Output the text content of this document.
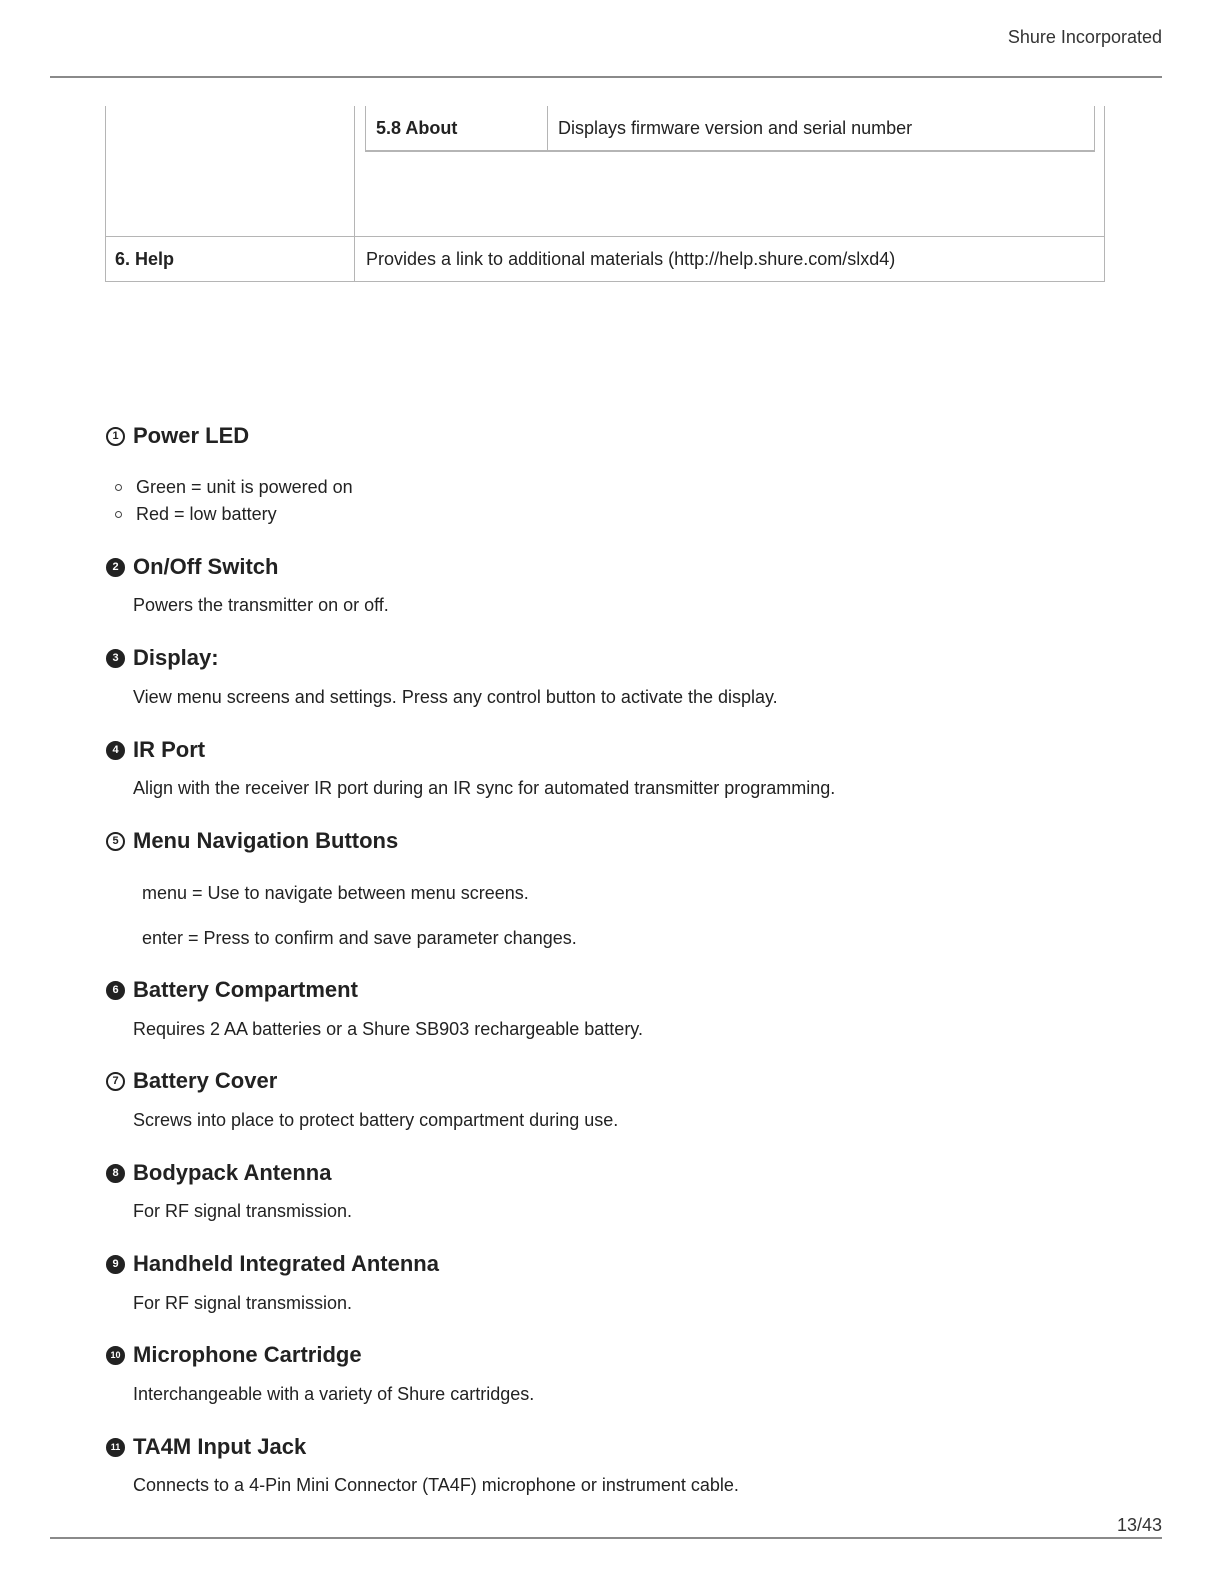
Shure Incorporated
5.8 About	Displays firmware version and serial number
6. Help	Provides a link to additional materials (http://help.shure.com/slxd4)
1 Power LED
Green = unit is powered on
Red = low battery
2 On/Off Switch
Powers the transmitter on or off.
3 Display:
View menu screens and settings. Press any control button to activate the display.
4 IR Port
Align with the receiver IR port during an IR sync for automated transmitter programming.
5 Menu Navigation Buttons
menu = Use to navigate between menu screens.
enter = Press to confirm and save parameter changes.
6 Battery Compartment
Requires 2 AA batteries or a Shure SB903 rechargeable battery.
7 Battery Cover
Screws into place to protect battery compartment during use.
8 Bodypack Antenna
For RF signal transmission.
9 Handheld Integrated Antenna
For RF signal transmission.
10 Microphone Cartridge
Interchangeable with a variety of Shure cartridges.
11 TA4M Input Jack
Connects to a 4-Pin Mini Connector (TA4F) microphone or instrument cable.
13/43
